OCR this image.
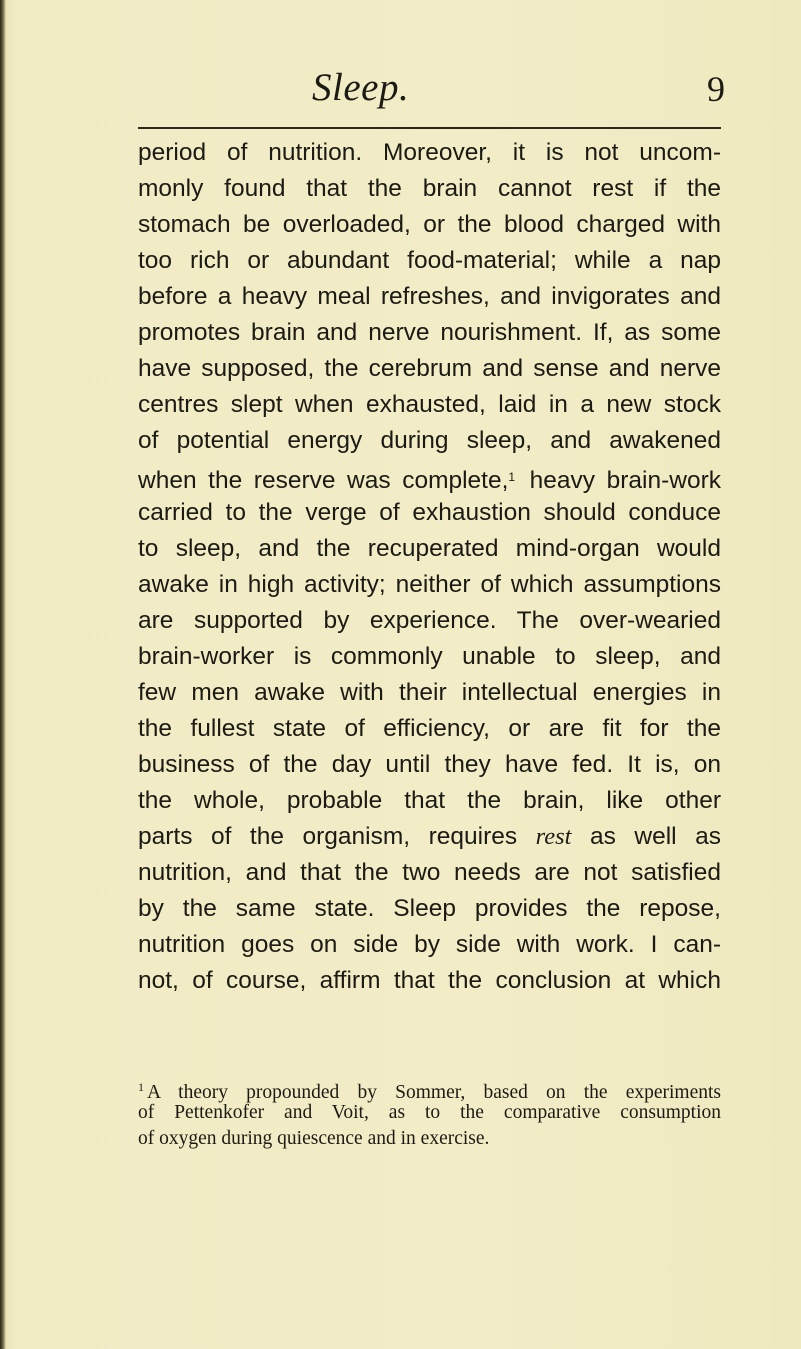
Sleep.	9
period of nutrition. Moreover, it is not uncom-
monly found that the brain cannot rest if the
stomach be overloaded, or the blood charged with
too rich or abundant food-material; while a nap
before a heavy meal refreshes, and invigorates and
promotes brain and nerve nourishment. If, as some
have supposed, the cerebrum and sense and nerve
centres slept when exhausted, laid in a new stock
of potential energy during sleep, and awakened
when the reserve was complete,$^1$ heavy brain-work
carried to the verge of exhaustion should conduce
to sleep, and the recuperated mind-organ would
awake in high activity; neither of which assumptions
are supported by experience. The over-wearied
brain-worker is commonly unable to sleep, and
few men awake with their intellectual energies in
the fullest state of efficiency, or are fit for the
business of the day until they have fed. It is, on
the whole, probable that the brain, like other
parts of the organism, requires rest as well as
nutrition, and that the two needs are not satisfied
by the same state. Sleep provides the repose,
nutrition goes on side by side with work. I can-
not, of course, affirm that the conclusion at which
$^1$ A theory propounded by Sommer, based on the experiments
of Pettenkofer and Voit, as to the comparative consumption
of oxygen during quiescence and in exercise.
